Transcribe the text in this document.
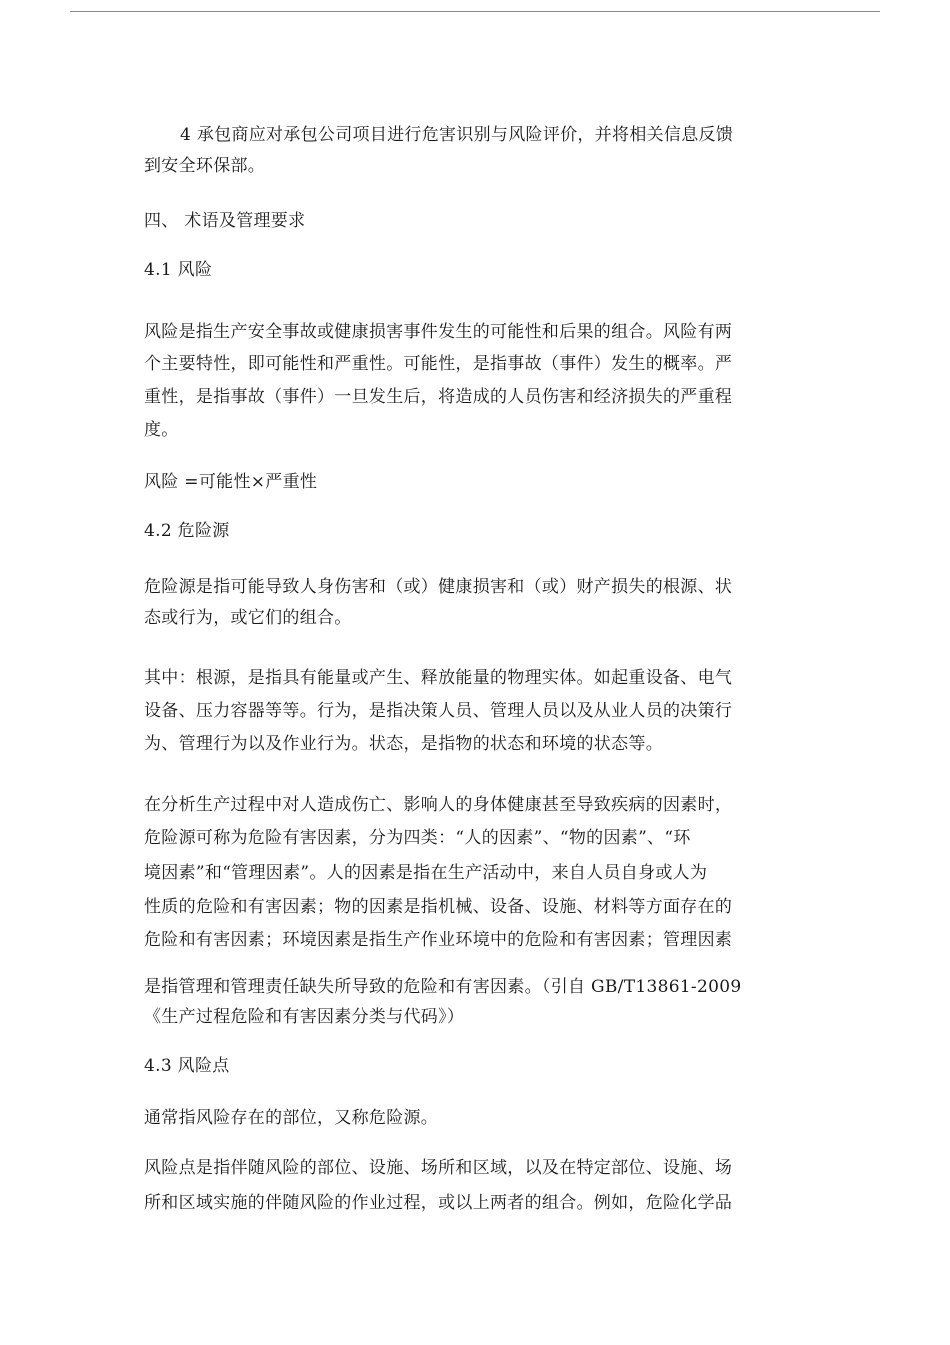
4 承包商应对承包公司项目进行危害识别与风险评价，并将相关信息反馈
到安全环保部。
四、 术语及管理要求
4.1 风险
风险是指生产安全事故或健康损害事件发生的可能性和后果的组合。风险有两
个主要特性，即可能性和严重性。可能性，是指事故（事件）发生的概率。严
重性，是指事故（事件）一旦发生后，将造成的人员伤害和经济损失的严重程
度。
风险 =可能性×严重性
4.2 危险源
危险源是指可能导致人身伤害和（或）健康损害和（或）财产损失的根源、状
态或行为，或它们的组合。
其中：根源，是指具有能量或产生、释放能量的物理实体。如起重设备、电气
设备、压力容器等等。行为，是指决策人员、管理人员以及从业人员的决策行
为、管理行为以及作业行为。状态，是指物的状态和环境的状态等。
在分析生产过程中对人造成伤亡、影响人的身体健康甚至导致疾病的因素时，
危险源可称为危险有害因素，分为四类：“人的因素”、“物的因素”、“环
境因素”和“管理因素”。人的因素是指在生产活动中，来自人员自身或人为
性质的危险和有害因素；物的因素是指机械、设备、设施、材料等方面存在的
危险和有害因素；环境因素是指生产作业环境中的危险和有害因素；管理因素
是指管理和管理责任缺失所导致的危险和有害因素。（引自 GB/T13861-2009
《生产过程危险和有害因素分类与代码》）
4.3 风险点
通常指风险存在的部位，又称危险源。
风险点是指伴随风险的部位、设施、场所和区域，以及在特定部位、设施、场
所和区域实施的伴随风险的作业过程，或以上两者的组合。例如，危险化学品
